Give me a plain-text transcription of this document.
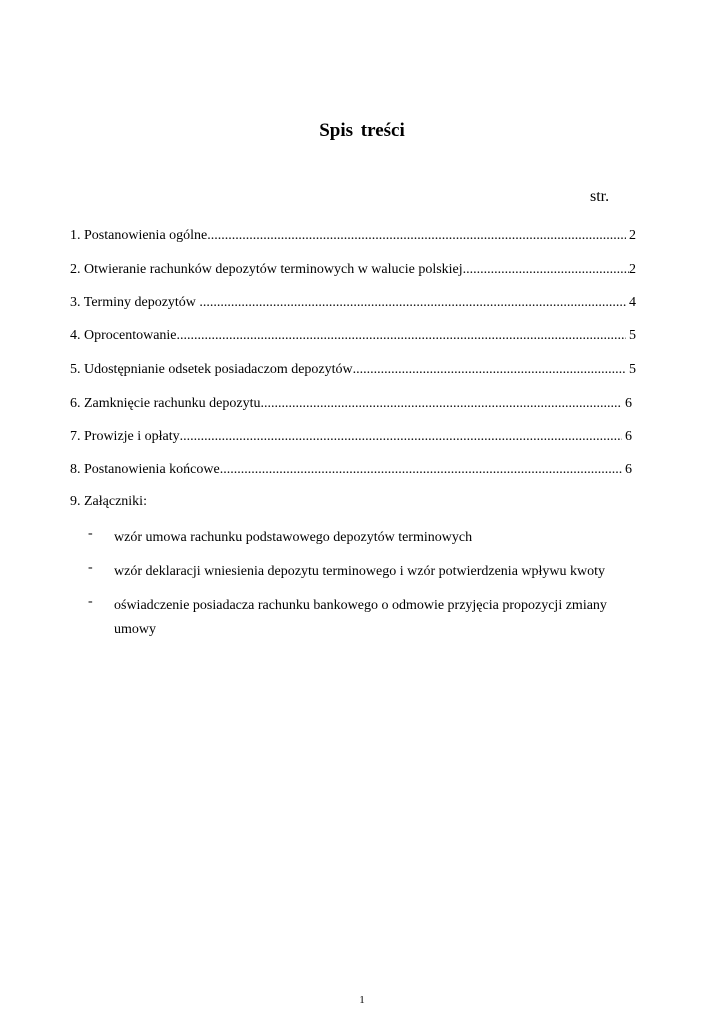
Spis treści
str.
1. Postanowienia ogólne .....	2
2. Otwieranie rachunków depozytów terminowych w walucie polskiej .....	2
3. Terminy depozytów ................. .....	4
4. Oprocentowanie .....	5
5. Udostępnianie odsetek posiadaczom depozytów .....	5
6. Zamknięcie rachunku depozytu .....	6
7. Prowizje i opłaty .....	6
8. Postanowienia końcowe .....	6
9. Załączniki:
-	wzór umowa rachunku podstawowego depozytów terminowych
-	wzór deklaracji wniesienia depozytu terminowego i wzór potwierdzenia wpływu kwoty
-	oświadczenie posiadacza rachunku bankowego o odmowie przyjęcia propozycji zmiany umowy
1
